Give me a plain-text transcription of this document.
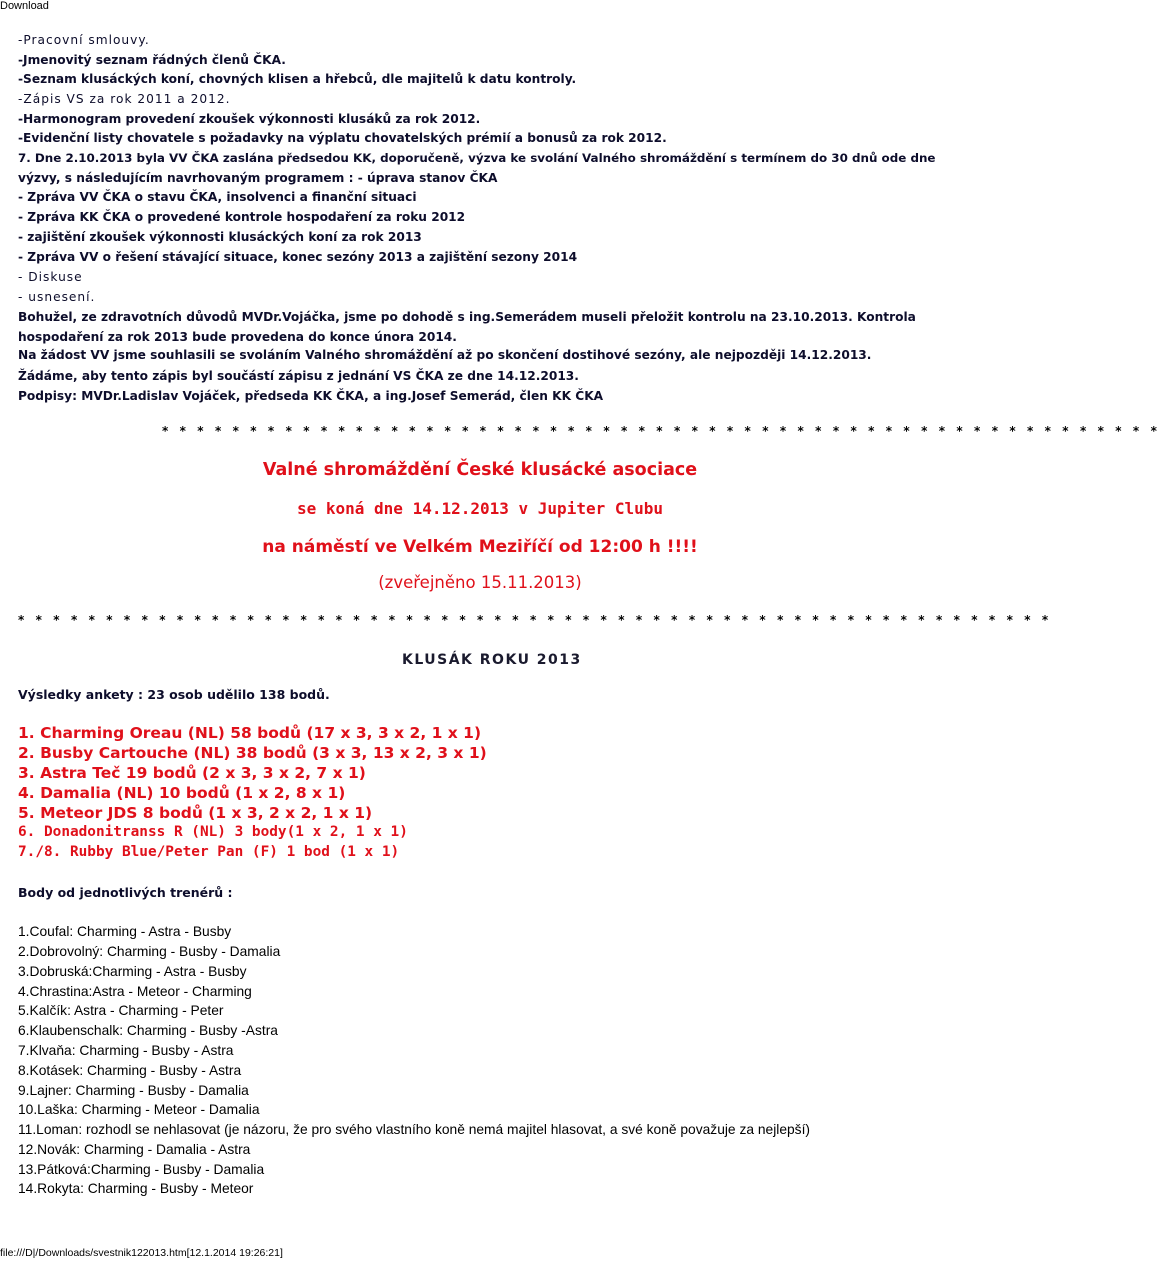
Download
-Pracovní smlouvy.
-Jmenovitý seznam řádných členů ČKA.
-Seznam klusáckých koní, chovných klisen a hřebců, dle majitelů k datu kontroly.
-Zápis VS za rok 2011 a 2012.
-Harmonogram provedení zkoušek výkonnosti klusáků za rok 2012.
-Evidenční listy chovatele s požadavky na výplatu chovatelských prémií a bonusů za rok 2012.
7. Dne 2.10.2013 byla VV ČKA zaslána předsedou KK, doporučeně, výzva ke svolání Valného shromáždění s termínem do 30 dnů ode dne
výzvy, s následujícím navrhovaným programem : - úprava stanov ČKA
- Zpráva VV ČKA o stavu ČKA, insolvenci a finanční situaci
- Zpráva KK ČKA o provedené kontrole hospodaření za roku 2012
- zajištění zkoušek výkonnosti klusáckých koní za rok 2013
- Zpráva VV o řešení stávající situace, konec sezóny 2013 a zajištění sezony 2014
- Diskuse
- usnesení.
Bohužel, ze zdravotních důvodů MVDr.Vojáčka, jsme po dohodě s ing.Semerádem museli přeložit kontrolu na 23.10.2013. Kontrola
hospodaření za rok 2013 bude provedena do konce února 2014.
Na žádost VV jsme souhlasili se svoláním Valného shromáždění až po skončení dostihové sezóny, ale nejpozději 14.12.2013.
Žádáme, aby tento zápis byl součástí zápisu z jednání VS ČKA ze dne 14.12.2013.
Podpisy: MVDr.Ladislav Vojáček, předseda KK ČKA, a ing.Josef Semerád, člen KK ČKA
* * * * * * * * * * * * * * * * * * * * * * * * * * * * * * * * * * * * * * * * * * * * * * * * * * * * * * * * *
Valné shromáždění České klusácké asociace
se koná dne 14.12.2013 v Jupiter Clubu
na náměstí ve Velkém Meziříčí od 12:00 h !!!!
(zveřejněno 15.11.2013)
* * * * * * * * * * * * * * * * * * * * * * * * * * * * * * * * * * * * * * * * * * * * * * * * * * * * * * * * * * *
KLUSÁK ROKU 2013
Výsledky ankety : 23 osob udělilo 138 bodů.
1. Charming Oreau (NL) 58 bodů (17 x 3, 3 x 2, 1 x 1)
2. Busby Cartouche (NL) 38 bodů (3 x 3, 13 x 2, 3 x 1)
3. Astra Teč 19 bodů (2 x 3, 3 x 2, 7 x 1)
4. Damalia (NL) 10 bodů (1 x 2, 8 x 1)
5. Meteor JDS 8 bodů (1 x 3, 2 x 2, 1 x 1)
6. Donadonitranss R (NL) 3 body(1 x 2, 1 x 1)
7./8. Rubby Blue/Peter Pan (F) 1 bod (1 x 1)
Body od jednotlivých trenérů :
1.Coufal: Charming - Astra - Busby
2.Dobrovolný: Charming - Busby - Damalia
3.Dobruská:Charming - Astra - Busby
4.Chrastina:Astra - Meteor - Charming
5.Kalčík: Astra - Charming - Peter
6.Klaubenschalk: Charming - Busby -Astra
7.Klvaňa: Charming - Busby - Astra
8.Kotásek: Charming - Busby - Astra
9.Lajner: Charming - Busby - Damalia
10.Laška: Charming - Meteor - Damalia
11.Loman: rozhodl se nehlasovat (je názoru, že pro svého vlastního koně nemá majitel hlasovat, a své koně považuje za nejlepší)
12.Novák: Charming - Damalia - Astra
13.Pátková:Charming - Busby - Damalia
14.Rokyta: Charming - Busby - Meteor
file:///D|/Downloads/svestnik122013.htm[12.1.2014 19:26:21]
